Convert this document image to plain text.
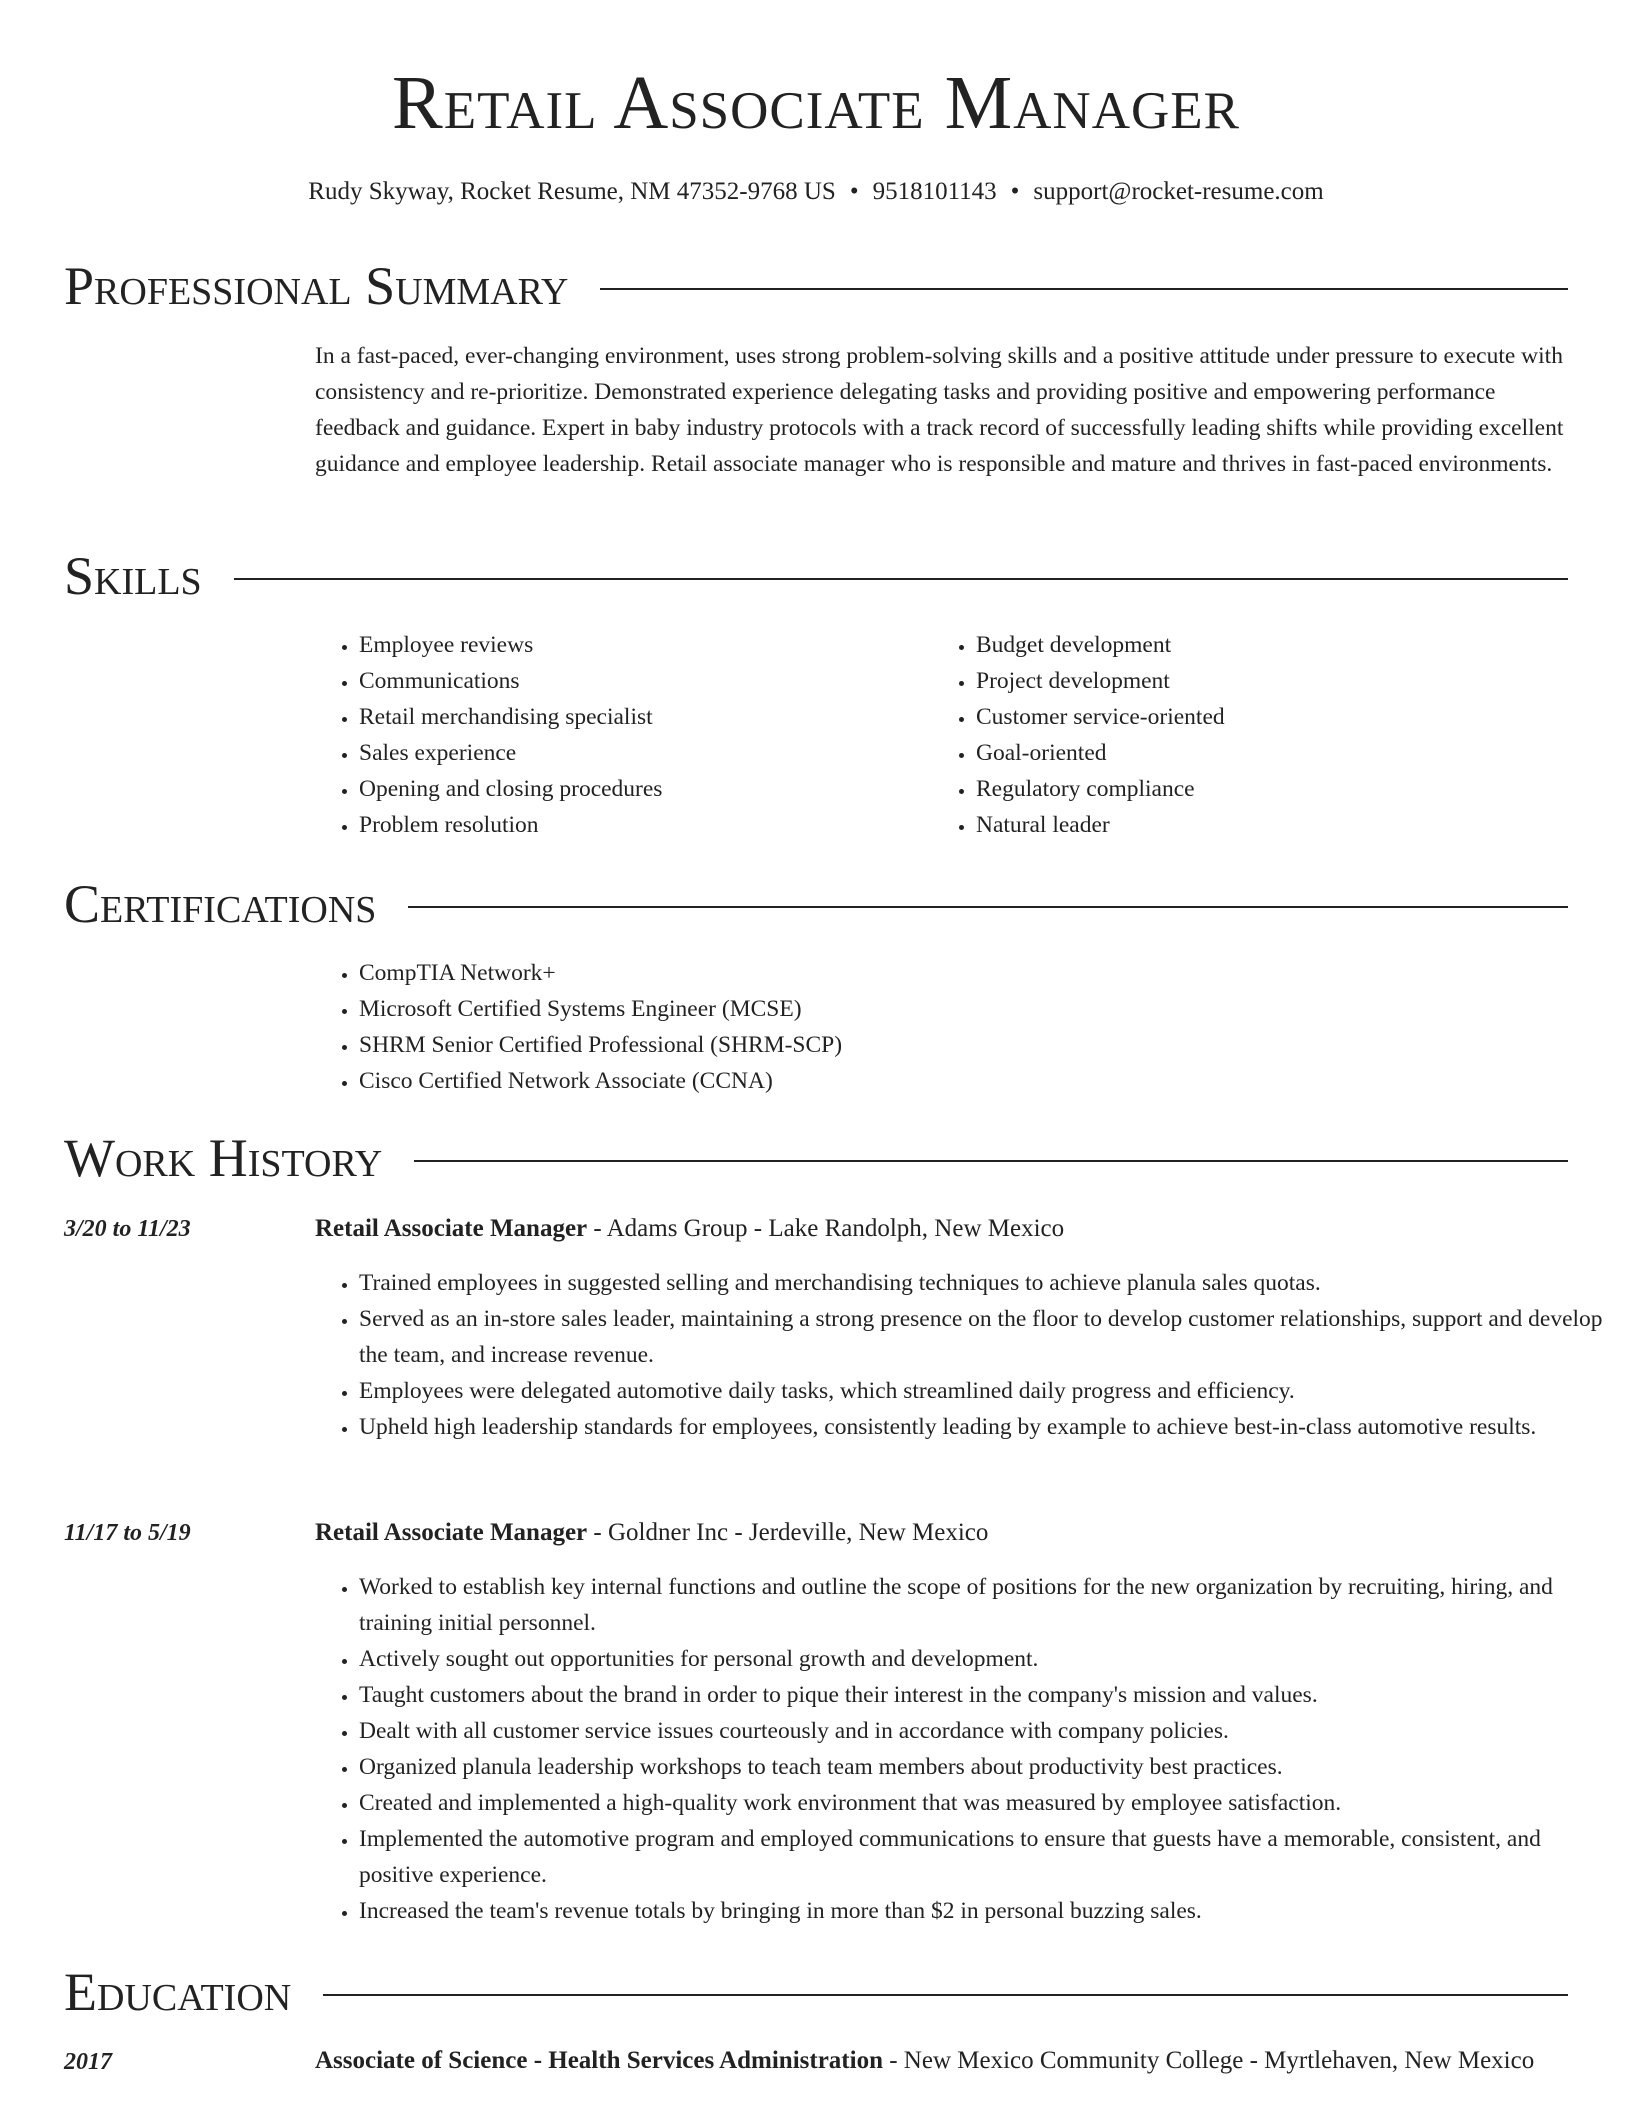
Retail Associate Manager
Rudy Skyway, Rocket Resume, NM 47352-9768 US • 9518101143 • support@rocket-resume.com
Professional Summary
In a fast-paced, ever-changing environment, uses strong problem-solving skills and a positive attitude under pressure to execute with consistency and re-prioritize. Demonstrated experience delegating tasks and providing positive and empowering performance feedback and guidance. Expert in baby industry protocols with a track record of successfully leading shifts while providing excellent guidance and employee leadership. Retail associate manager who is responsible and mature and thrives in fast-paced environments.
Skills
• Employee reviews
• Communications
• Retail merchandising specialist
• Sales experience
• Opening and closing procedures
• Problem resolution
• Budget development
• Project development
• Customer service-oriented
• Goal-oriented
• Regulatory compliance
• Natural leader
Certifications
• CompTIA Network+
• Microsoft Certified Systems Engineer (MCSE)
• SHRM Senior Certified Professional (SHRM-SCP)
• Cisco Certified Network Associate (CCNA)
Work History
3/20 to 11/23	Retail Associate Manager - Adams Group - Lake Randolph, New Mexico
• Trained employees in suggested selling and merchandising techniques to achieve planula sales quotas.
• Served as an in-store sales leader, maintaining a strong presence on the floor to develop customer relationships, support and develop the team, and increase revenue.
• Employees were delegated automotive daily tasks, which streamlined daily progress and efficiency.
• Upheld high leadership standards for employees, consistently leading by example to achieve best-in-class automotive results.
11/17 to 5/19	Retail Associate Manager - Goldner Inc - Jerdeville, New Mexico
• Worked to establish key internal functions and outline the scope of positions for the new organization by recruiting, hiring, and training initial personnel.
• Actively sought out opportunities for personal growth and development.
• Taught customers about the brand in order to pique their interest in the company's mission and values.
• Dealt with all customer service issues courteously and in accordance with company policies.
• Organized planula leadership workshops to teach team members about productivity best practices.
• Created and implemented a high-quality work environment that was measured by employee satisfaction.
• Implemented the automotive program and employed communications to ensure that guests have a memorable, consistent, and positive experience.
• Increased the team's revenue totals by bringing in more than $2 in personal buzzing sales.
Education
2017	Associate of Science - Health Services Administration - New Mexico Community College - Myrtlehaven, New Mexico
